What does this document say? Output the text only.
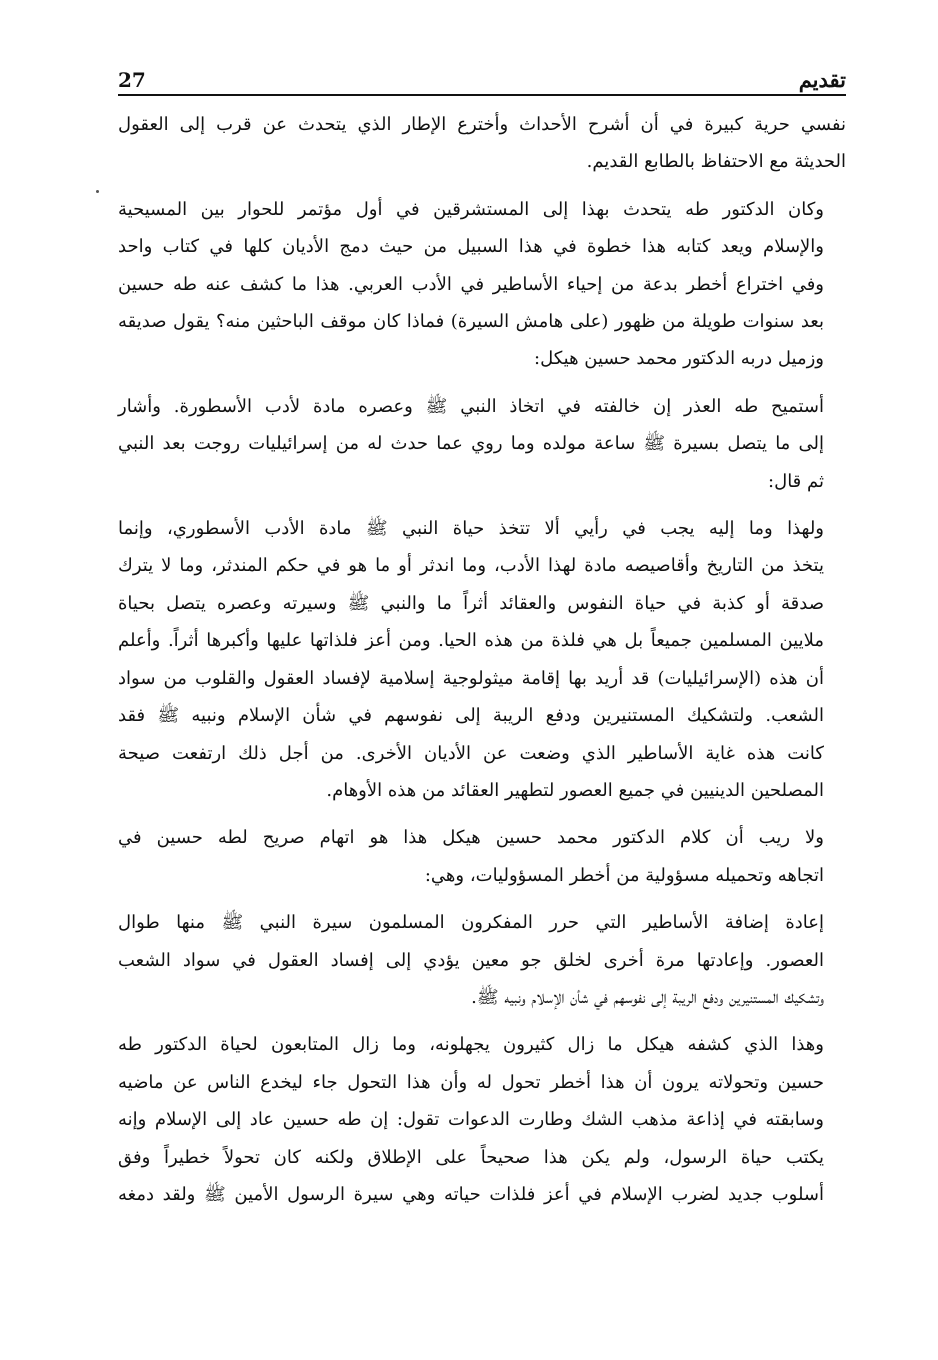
تقديم
27

نفسي حرية كبيرة في أن أشرح الأحداث وأخترع الإطار الذي يتحدث عن قرب إلى العقول
الحديثة مع الاحتفاظ بالطابع القديم.

وكان الدكتور طه يتحدث بهذا إلى المستشرقين في أول مؤتمر للحوار بين المسيحية
والإسلام ويعد كتابه هذا خطوة في هذا السبيل من حيث دمج الأديان كلها في كتاب واحد
وفي اختراع أخطر بدعة من إحياء الأساطير في الأدب العربي. هذا ما كشف عنه طه حسين
بعد سنوات طويلة من ظهور (على هامش السيرة) فماذا كان موقف الباحثين منه؟ يقول صديقه
وزميل دربه الدكتور محمد حسين هيكل:

أستميح طه العذر إن خالفته في اتخاذ النبي ﷺ وعصره مادة لأدب الأسطورة. وأشار
إلى ما يتصل بسيرة ﷺ ساعة مولده وما روي عما حدث له من إسرائيليات روجت بعد النبي
ثم قال:

ولهذا وما إليه يجب في رأيي ألا تتخذ حياة النبي ﷺ مادة الأدب الأسطوري، وإنما
يتخذ من التاريخ وأقاصيصه مادة لهذا الأدب، وما اندثر أو ما هو في حكم المندثر، وما لا يترك
صدقة أو كذبة في حياة النفوس والعقائد أثراً ما والنبي ﷺ وسيرته وعصره يتصل بحياة
ملايين المسلمين جميعاً بل هي فلذة من هذه الحيا. ومن أعز فلذاتها عليها وأكبرها أثراً. وأعلم
أن هذه (الإسرائيليات) قد أريد بها إقامة ميثولوجية إسلامية لإفساد العقول والقلوب من سواد
الشعب. ولتشكيك المستنيرين ودفع الريبة إلى نفوسهم في شأن الإسلام ونبيه ﷺ فقد
كانت هذه غاية الأساطير الذي وضعت عن الأديان الأخرى. من أجل ذلك ارتفعت صيحة
المصلحين الدينيين في جميع العصور لتطهير العقائد من هذه الأوهام.

ولا ريب أن كلام الدكتور محمد حسين هيكل هذا هو اتهام صريح لطه حسين في
اتجاهه وتحميله مسؤولية من أخطر المسؤوليات، وهي:

إعادة إضافة الأساطير التي حرر المفكرون المسلمون سيرة النبي ﷺ منها طوال
العصور. وإعادتها مرة أخرى لخلق جو معين يؤدي إلى إفساد العقول في سواد الشعب
وتشكيك المستنيرين ودفع الريبة إلى نفوسهم في شأن الإسلام ونبيه ﷺ.

وهذا الذي كشفه هيكل ما زال كثيرون يجهلونه، وما زال المتابعون لحياة الدكتور طه
حسين وتحولاته يرون أن هذا أخطر تحول له وأن هذا التحول جاء ليخدع الناس عن ماضيه
وسابقته في إذاعة مذهب الشك وطارت الدعوات تقول: إن طه حسين عاد إلى الإسلام وإنه
يكتب حياة الرسول، ولم يكن هذا صحيحاً على الإطلاق ولكنه كان تحولاً خطيراً وفق
أسلوب جديد لضرب الإسلام في أعز فلذات حياته وهي سيرة الرسول الأمين ﷺ ولقد دمغه
